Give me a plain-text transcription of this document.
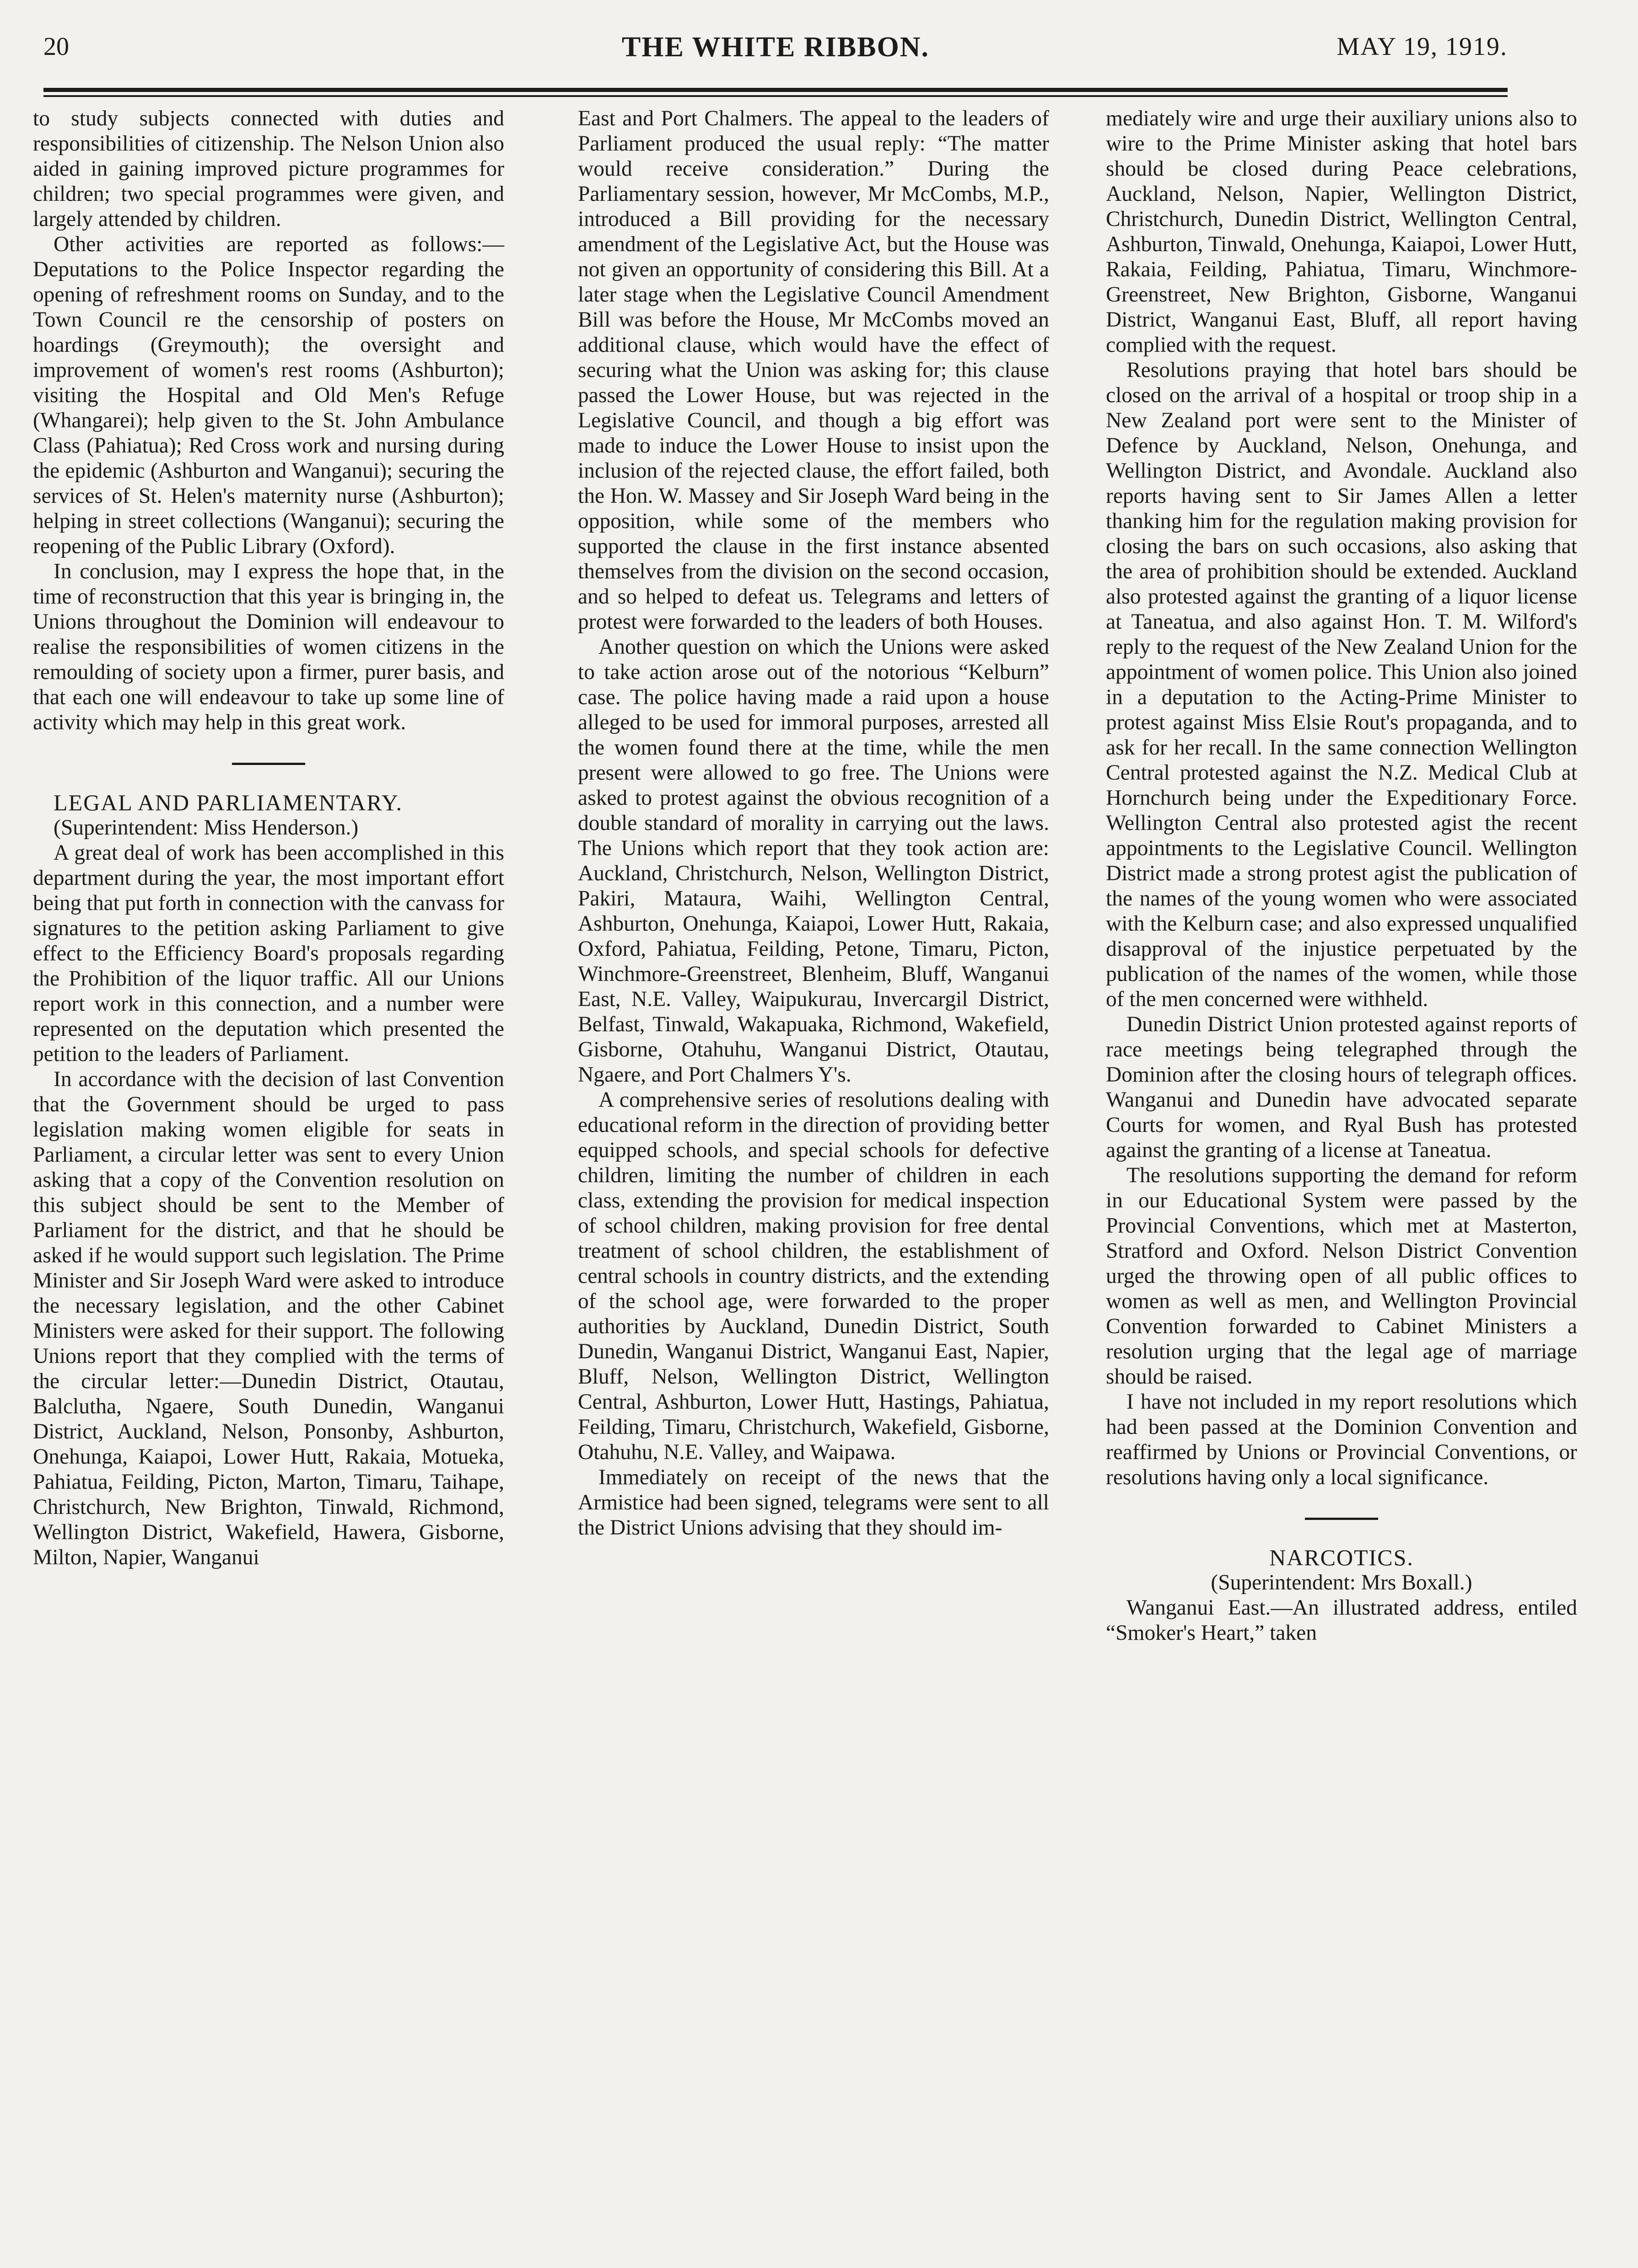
20	THE WHITE RIBBON.	MAY 19, 1919.

to study subjects connected with duties and responsibilities of citizenship. The Nelson Union also aided in gaining improved picture programmes for children; two special programmes were given, and largely attended by children.

Other activities are reported as follows:—Deputations to the Police Inspector regarding the opening of refreshment rooms on Sunday, and to the Town Council re the censorship of posters on hoardings (Greymouth); the oversight and improvement of women's rest rooms (Ashburton); visiting the Hospital and Old Men's Refuge (Whangarei); help given to the St. John Ambulance Class (Pahiatua); Red Cross work and nursing during the epidemic (Ashburton and Wanganui); securing the services of St. Helen's maternity nurse (Ashburton); helping in street collections (Wanganui); securing the reopening of the Public Library (Oxford).

In conclusion, may I express the hope that, in the time of reconstruction that this year is bringing in, the Unions throughout the Dominion will endeavour to realise the responsibilities of women citizens in the remoulding of society upon a firmer, purer basis, and that each one will endeavour to take up some line of activity which may help in this great work.

LEGAL AND PARLIAMENTARY.

(Superintendent: Miss Henderson.)

A great deal of work has been accomplished in this department during the year, the most important effort being that put forth in connection with the canvass for signatures to the petition asking Parliament to give effect to the Efficiency Board's proposals regarding the Prohibition of the liquor traffic. All our Unions report work in this connection, and a number were represented on the deputation which presented the petition to the leaders of Parliament.

In accordance with the decision of last Convention that the Government should be urged to pass legislation making women eligible for seats in Parliament, a circular letter was sent to every Union asking that a copy of the Convention resolution on this subject should be sent to the Member of Parliament for the district, and that he should be asked if he would support such legislation. The Prime Minister and Sir Joseph Ward were asked to introduce the necessary legislation, and the other Cabinet Ministers were asked for their support. The following Unions report that they complied with the terms of the circular letter:—Dunedin District, Otautau, Balclutha, Ngaere, South Dunedin, Wanganui District, Auckland, Nelson, Ponsonby, Ashburton, Onehunga, Kaiapoi, Lower Hutt, Rakaia, Motueka, Pahiatua, Feilding, Picton, Marton, Timaru, Taihape, Christchurch, New Brighton, Tinwald, Richmond, Wellington District, Wakefield, Hawera, Gisborne, Milton, Napier, Wanganui

East and Port Chalmers. The appeal to the leaders of Parliament produced the usual reply: “The matter would receive consideration.” During the Parliamentary session, however, Mr McCombs, M.P., introduced a Bill providing for the necessary amendment of the Legislative Act, but the House was not given an opportunity of considering this Bill. At a later stage when the Legislative Council Amendment Bill was before the House, Mr McCombs moved an additional clause, which would have the effect of securing what the Union was asking for; this clause passed the Lower House, but was rejected in the Legislative Council, and though a big effort was made to induce the Lower House to insist upon the inclusion of the rejected clause, the effort failed, both the Hon. W. Massey and Sir Joseph Ward being in the opposition, while some of the members who supported the clause in the first instance absented themselves from the division on the second occasion, and so helped to defeat us. Telegrams and letters of protest were forwarded to the leaders of both Houses.

Another question on which the Unions were asked to take action arose out of the notorious “Kelburn” case. The police having made a raid upon a house alleged to be used for immoral purposes, arrested all the women found there at the time, while the men present were allowed to go free. The Unions were asked to protest against the obvious recognition of a double standard of morality in carrying out the laws. The Unions which report that they took action are: Auckland, Christchurch, Nelson, Wellington District, Pakiri, Mataura, Waihi, Wellington Central, Ashburton, Onehunga, Kaiapoi, Lower Hutt, Rakaia, Oxford, Pahiatua, Feilding, Petone, Timaru, Picton, Winchmore-Greenstreet, Blenheim, Bluff, Wanganui East, N.E. Valley, Waipukurau, Invercargil District, Belfast, Tinwald, Wakapuaka, Richmond, Wakefield, Gisborne, Otahuhu, Wanganui District, Otautau, Ngaere, and Port Chalmers Y's.

A comprehensive series of resolutions dealing with educational reform in the direction of providing better equipped schools, and special schools for defective children, limiting the number of children in each class, extending the provision for medical inspection of school children, making provision for free dental treatment of school children, the establishment of central schools in country districts, and the extending of the school age, were forwarded to the proper authorities by Auckland, Dunedin District, South Dunedin, Wanganui District, Wanganui East, Napier, Bluff, Nelson, Wellington District, Wellington Central, Ashburton, Lower Hutt, Hastings, Pahiatua, Feilding, Timaru, Christchurch, Wakefield, Gisborne, Otahuhu, N.E. Valley, and Waipawa.

Immediately on receipt of the news that the Armistice had been signed, telegrams were sent to all the District Unions advising that they should im-

mediately wire and urge their auxiliary unions also to wire to the Prime Minister asking that hotel bars should be closed during Peace celebrations, Auckland, Nelson, Napier, Wellington District, Christchurch, Dunedin District, Wellington Central, Ashburton, Tinwald, Onehunga, Kaiapoi, Lower Hutt, Rakaia, Feilding, Pahiatua, Timaru, Winchmore-Greenstreet, New Brighton, Gisborne, Wanganui District, Wanganui East, Bluff, all report having complied with the request.

Resolutions praying that hotel bars should be closed on the arrival of a hospital or troop ship in a New Zealand port were sent to the Minister of Defence by Auckland, Nelson, Onehunga, and Wellington District, and Avondale. Auckland also reports having sent to Sir James Allen a letter thanking him for the regulation making provision for closing the bars on such occasions, also asking that the area of prohibition should be extended. Auckland also protested against the granting of a liquor license at Taneatua, and also against Hon. T. M. Wilford's reply to the request of the New Zealand Union for the appointment of women police. This Union also joined in a deputation to the Acting-Prime Minister to protest against Miss Elsie Rout's propaganda, and to ask for her recall. In the same connection Wellington Central protested against the N.Z. Medical Club at Hornchurch being under the Expeditionary Force. Wellington Central also protested agist the recent appointments to the Legislative Council. Wellington District made a strong protest agist the publication of the names of the young women who were associated with the Kelburn case; and also expressed unqualified disapproval of the injustice perpetuated by the publication of the names of the women, while those of the men concerned were withheld.

Dunedin District Union protested against reports of race meetings being telegraphed through the Dominion after the closing hours of telegraph offices. Wanganui and Dunedin have advocated separate Courts for women, and Ryal Bush has protested against the granting of a license at Taneatua.

The resolutions supporting the demand for reform in our Educational System were passed by the Provincial Conventions, which met at Masterton, Stratford and Oxford. Nelson District Convention urged the throwing open of all public offices to women as well as men, and Wellington Provincial Convention forwarded to Cabinet Ministers a resolution urging that the legal age of marriage should be raised.

I have not included in my report resolutions which had been passed at the Dominion Convention and reaffirmed by Unions or Provincial Conventions, or resolutions having only a local significance.

NARCOTICS.

(Superintendent: Mrs Boxall.)

Wanganui East.—An illustrated address, entiled “Smoker's Heart,” taken
